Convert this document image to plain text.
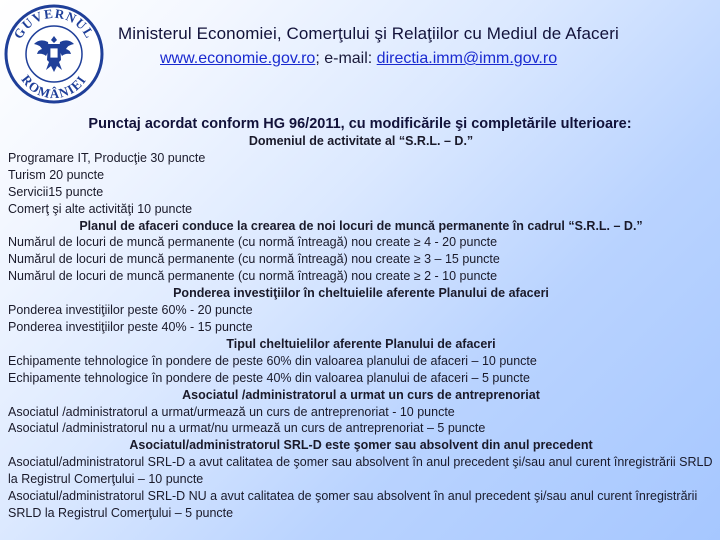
GUVERNUL
ROMÂNIEI
Ministerul Economiei, Comerţului şi Relaţiilor cu Mediul de Afaceri
www.economie.gov.ro; e-mail: directia.imm@imm.gov.ro
Punctaj acordat conform HG 96/2011, cu modificările şi completările ulterioare:
Domeniul de activitate al “S.R.L. – D.”
Programare IT, Producţie 30 puncte
Turism 20 puncte
Servicii15 puncte
Comerţ şi alte activităţi 10 puncte
Planul de afaceri conduce la crearea de noi locuri de muncă permanente în cadrul “S.R.L. – D.”
Numărul de locuri de muncă permanente (cu normă întreagă) nou create ≥ 4 - 20 puncte
Numărul de locuri de muncă permanente (cu normă întreagă) nou create ≥ 3 – 15 puncte
Numărul de locuri de muncă permanente (cu normă întreagă) nou create ≥ 2 - 10 puncte
Ponderea investiţiilor în cheltuielile aferente Planului de afaceri
Ponderea investiţiilor peste 60% - 20 puncte
Ponderea investiţiilor peste 40% - 15 puncte
Tipul cheltuielilor aferente Planului de afaceri
Echipamente tehnologice în pondere de peste 60% din valoarea planului de afaceri – 10 puncte
Echipamente tehnologice în pondere de peste 40% din valoarea planului de afaceri – 5 puncte
Asociatul /administratorul a urmat un curs de antreprenoriat
Asociatul /administratorul a urmat/urmează un curs de antreprenoriat - 10 puncte
Asociatul /administratorul nu a urmat/nu urmează un curs de antreprenoriat – 5 puncte
Asociatul/administratorul SRL-D este şomer sau absolvent din anul precedent
Asociatul/administratorul SRL-D a avut calitatea de şomer sau absolvent în anul precedent şi/sau anul curent înregistrării SRLD la Registrul Comerţului – 10 puncte
Asociatul/administratorul SRL-D NU a avut calitatea de şomer sau absolvent în anul precedent şi/sau anul curent înregistrării SRLD la Registrul Comerţului – 5 puncte
